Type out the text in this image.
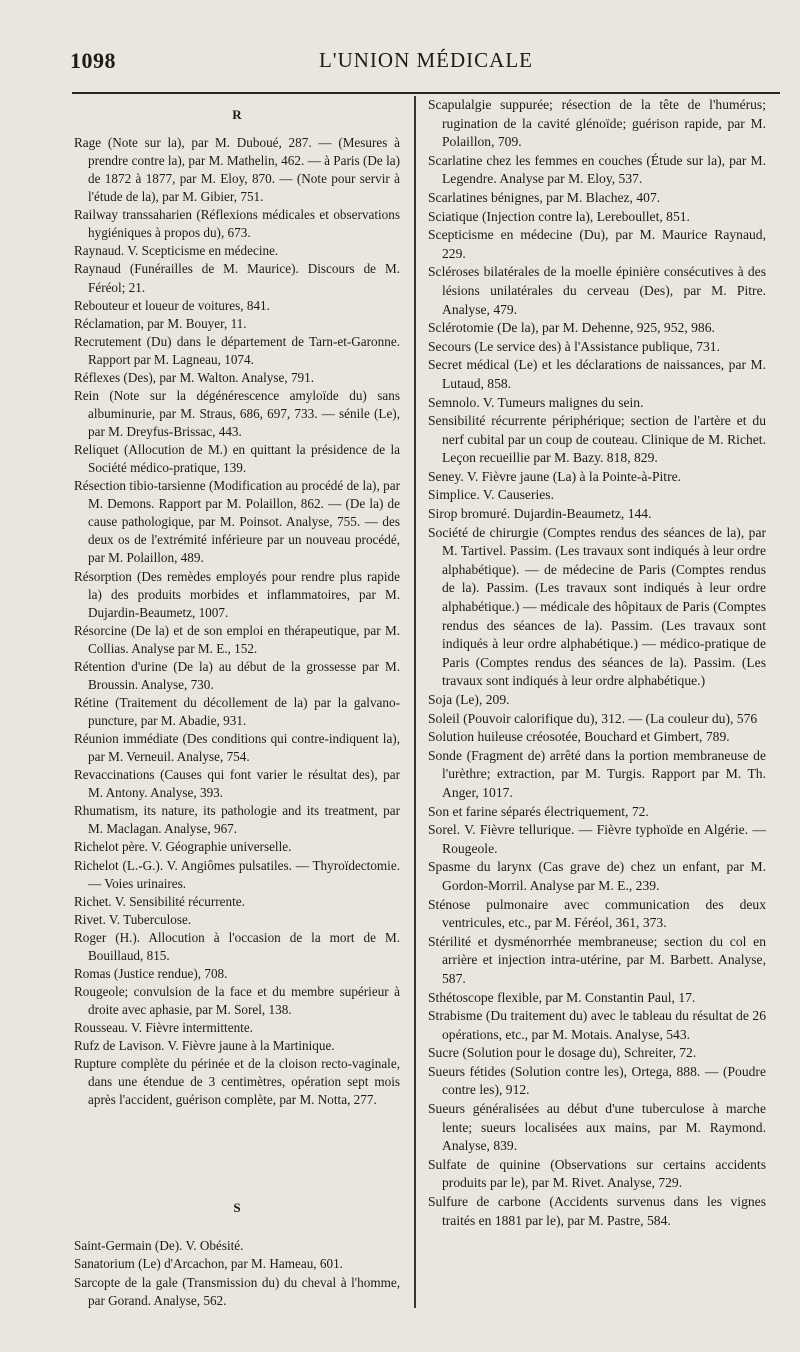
1098	L'UNION MÉDICALE
R

Rage (Note sur la), par M. Duboué, 287. — (Mesures à prendre contre la), par M. Mathelin, 462. — à Paris (De la) de 1872 à 1877, par M. Eloy, 870. — (Note pour servir à l'étude de la), par M. Gibier, 751.

Railway transsaharien (Réflexions médicales et observations hygiéniques à propos du), 673.

Raynaud. V. Scepticisme en médecine.

Raynaud (Funérailles de M. Maurice). Discours de M. Féréol; 21.

Rebouteur et loueur de voitures, 841.

Réclamation, par M. Bouyer, 11.

Recrutement (Du) dans le département de Tarn-et-Garonne. Rapport par M. Lagneau, 1074.

Réflexes (Des), par M. Walton. Analyse, 791.

Rein (Note sur la dégénérescence amyloïde du) sans albuminurie, par M. Straus, 686, 697, 733. — sénile (Le), par M. Dreyfus-Brissac, 443.

Reliquet (Allocution de M.) en quittant la présidence de la Société médico-pratique, 139.

Résection tibio-tarsienne (Modification au procédé de la), par M. Demons. Rapport par M. Polaillon, 862. — (De la) de cause pathologique, par M. Poinsot. Analyse, 755. — des deux os de l'extrémité inférieure par un nouveau procédé, par M. Polaillon, 489.

Résorption (Des remèdes employés pour rendre plus rapide la) des produits morbides et inflammatoires, par M. Dujardin-Beaumetz, 1007.

Résorcine (De la) et de son emploi en thérapeutique, par M. Collias. Analyse par M. E., 152.

Rétention d'urine (De la) au début de la grossesse par M. Broussin. Analyse, 730.

Rétine (Traitement du décollement de la) par la galvano-puncture, par M. Abadie, 931.

Réunion immédiate (Des conditions qui contre-indiquent la), par M. Verneuil. Analyse, 754.

Revaccinations (Causes qui font varier le résultat des), par M. Antony. Analyse, 393.

Rhumatism, its nature, its pathologie and its treatment, par M. Maclagan. Analyse, 967.

Richelot père. V. Géographie universelle.

Richelot (L.-G.). V. Angiômes pulsatiles. — Thyroïdectomie. — Voies urinaires.

Richet. V. Sensibilité récurrente.

Rivet. V. Tuberculose.

Roger (H.). Allocution à l'occasion de la mort de M. Bouillaud, 815.

Romas (Justice rendue), 708.

Rougeole; convulsion de la face et du membre supérieur à droite avec aphasie, par M. Sorel, 138.

Rousseau. V. Fièvre intermittente.

Rufz de Lavison. V. Fièvre jaune à la Martinique.

Rupture complète du périnée et de la cloison recto-vaginale, dans une étendue de 3 centimètres, opération sept mois après l'accident, guérison complète, par M. Notta, 277.

S

Saint-Germain (De). V. Obésité.

Sanatorium (Le) d'Arcachon, par M. Hameau, 601.

Sarcopte de la gale (Transmission du) du cheval à l'homme, par Gorand. Analyse, 562.

Scapulalgie suppurée; résection de la tête de l'humérus; rugination de la cavité glénoïde; guérison rapide, par M. Polaillon, 709.

Scarlatine chez les femmes en couches (Étude sur la), par M. Legendre. Analyse par M. Eloy, 537.

Scarlatines bénignes, par M. Blachez, 407.

Sciatique (Injection contre la), Lereboullet, 851.

Scepticisme en médecine (Du), par M. Maurice Raynaud, 229.

Scléroses bilatérales de la moelle épinière consécutives à des lésions unilatérales du cerveau (Des), par M. Pitre. Analyse, 479.

Sclérotomie (De la), par M. Dehenne, 925, 952, 986.

Secours (Le service des) à l'Assistance publique, 731.

Secret médical (Le) et les déclarations de naissances, par M. Lutaud, 858.

Semnolo. V. Tumeurs malignes du sein.

Sensibilité récurrente périphérique; section de l'artère et du nerf cubital par un coup de couteau. Clinique de M. Richet. Leçon recueillie par M. Bazy. 818, 829.

Seney. V. Fièvre jaune (La) à la Pointe-à-Pitre.

Simplice. V. Causeries.

Sirop bromuré. Dujardin-Beaumetz, 144.

Société de chirurgie (Comptes rendus des séances de la), par M. Tartivel. Passim. (Les travaux sont indiqués à leur ordre alphabétique). — de médecine de Paris (Comptes rendus de la). Passim. (Les travaux sont indiqués à leur ordre alphabétique.) — médicale des hôpitaux de Paris (Comptes rendus des séances de la). Passim. (Les travaux sont indiqués à leur ordre alphabétique.) — médico-pratique de Paris (Comptes rendus des séances de la). Passim. (Les travaux sont indiqués à leur ordre alphabétique.)

Soja (Le), 209.

Soleil (Pouvoir calorifique du), 312. — (La couleur du), 576

Solution huileuse créosotée, Bouchard et Gimbert, 789.

Sonde (Fragment de) arrêté dans la portion membraneuse de l'urèthre; extraction, par M. Turgis. Rapport par M. Th. Anger, 1017.

Son et farine séparés électriquement, 72.

Sorel. V. Fièvre tellurique. — Fièvre typhoïde en Algérie. — Rougeole.

Spasme du larynx (Cas grave de) chez un enfant, par M. Gordon-Morril. Analyse par M. E., 239.

Sténose pulmonaire avec communication des deux ventricules, etc., par M. Féréol, 361, 373.

Stérilité et dysménorrhée membraneuse; section du col en arrière et injection intra-utérine, par M. Barbett. Analyse, 587.

Sthétoscope flexible, par M. Constantin Paul, 17.

Strabisme (Du traitement du) avec le tableau du résultat de 26 opérations, etc., par M. Motais. Analyse, 543.

Sucre (Solution pour le dosage du), Schreiter, 72.

Sueurs fétides (Solution contre les), Ortega, 888. — (Poudre contre les), 912.

Sueurs généralisées au début d'une tuberculose à marche lente; sueurs localisées aux mains, par M. Raymond. Analyse, 839.

Sulfate de quinine (Observations sur certains accidents produits par le), par M. Rivet. Analyse, 729.

Sulfure de carbone (Accidents survenus dans les vignes traités en 1881 par le), par M. Pastre, 584.
